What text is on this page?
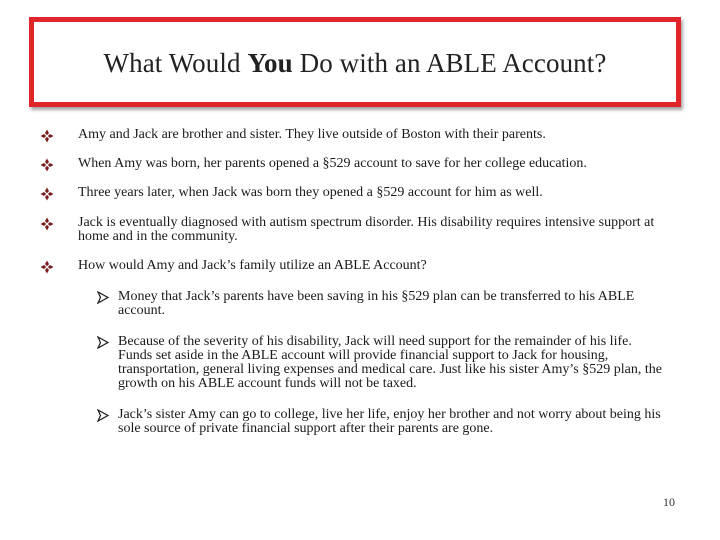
What Would You Do with an ABLE Account?
Amy and Jack are brother and sister. They live outside of Boston with their parents.
When Amy was born, her parents opened a §529 account to save for her college education.
Three years later, when Jack was born they opened a §529 account for him as well.
Jack is eventually diagnosed with autism spectrum disorder. His disability requires intensive support at home and in the community.
How would Amy and Jack’s family utilize an ABLE Account?
Money that Jack’s parents have been saving in his §529 plan can be transferred to his ABLE account.
Because of the severity of his disability, Jack will need support for the remainder of his life. Funds set aside in the ABLE account will provide financial support to Jack for housing, transportation, general living expenses and medical care. Just like his sister Amy’s §529 plan, the growth on his ABLE account funds will not be taxed.
Jack’s sister Amy can go to college, live her life, enjoy her brother and not worry about being his sole source of private financial support after their parents are gone.
10
